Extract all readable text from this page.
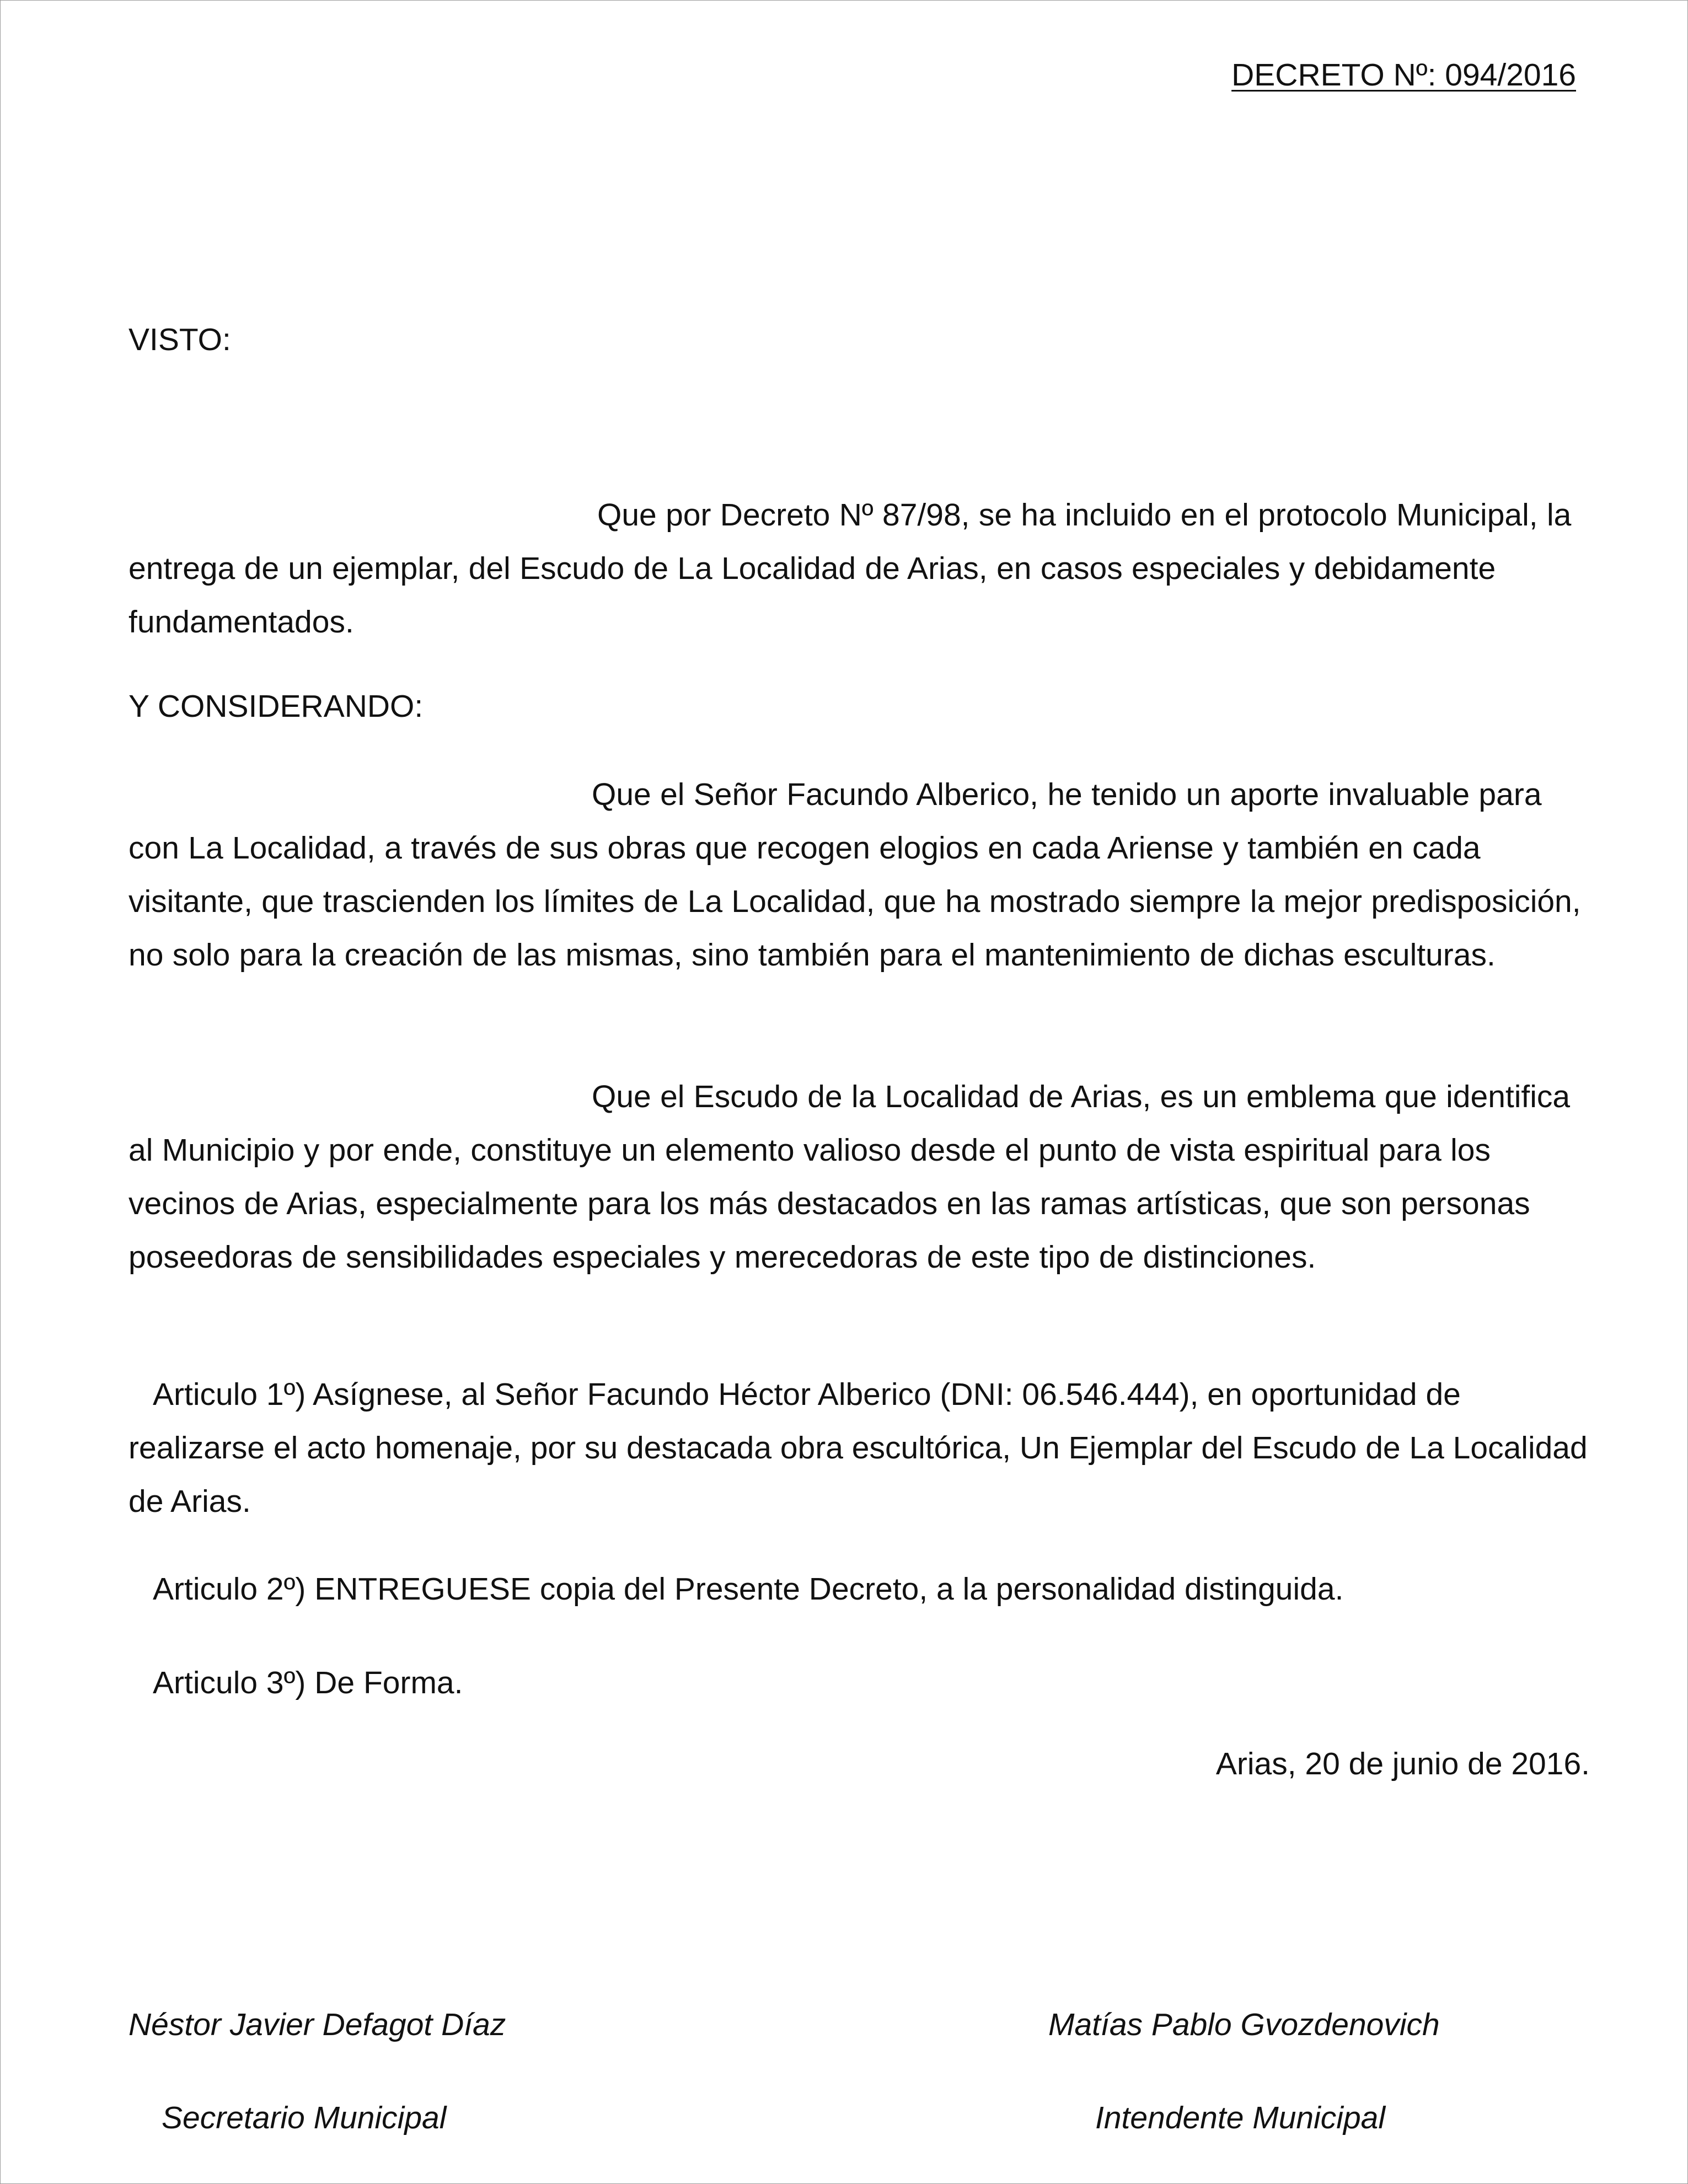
DECRETO Nº: 094/2016
VISTO:
Que por Decreto Nº 87/98, se ha incluido en el protocolo Municipal, la entrega de un ejemplar, del Escudo de La Localidad de Arias, en casos especiales y debidamente fundamentados.
Y CONSIDERANDO:
Que el Señor Facundo Alberico, he tenido un aporte invaluable para con La Localidad, a través de sus obras que recogen elogios en cada Ariense y también en cada visitante, que trascienden los límites de La Localidad, que ha mostrado siempre la mejor predisposición, no solo para la creación de las mismas, sino también para el mantenimiento de dichas esculturas.
Que el Escudo de la Localidad de Arias, es un emblema que identifica al Municipio y por ende, constituye un elemento valioso desde el punto de vista espiritual para los vecinos de Arias, especialmente para los más destacados en las ramas artísticas, que son personas poseedoras de sensibilidades especiales y merecedoras de este tipo de distinciones.
Articulo 1º) Asígnese, al Señor Facundo Héctor Alberico (DNI: 06.546.444), en oportunidad de realizarse el acto homenaje, por su destacada obra escultórica, Un Ejemplar del Escudo de La Localidad de Arias.
Articulo 2º) ENTREGUESE copia del Presente Decreto, a la personalidad distinguida.
Articulo 3º) De Forma.
Arias, 20 de junio de 2016.
Néstor Javier Defagot Díaz
Secretario Municipal
Matías Pablo Gvozdenovich
Intendente Municipal
